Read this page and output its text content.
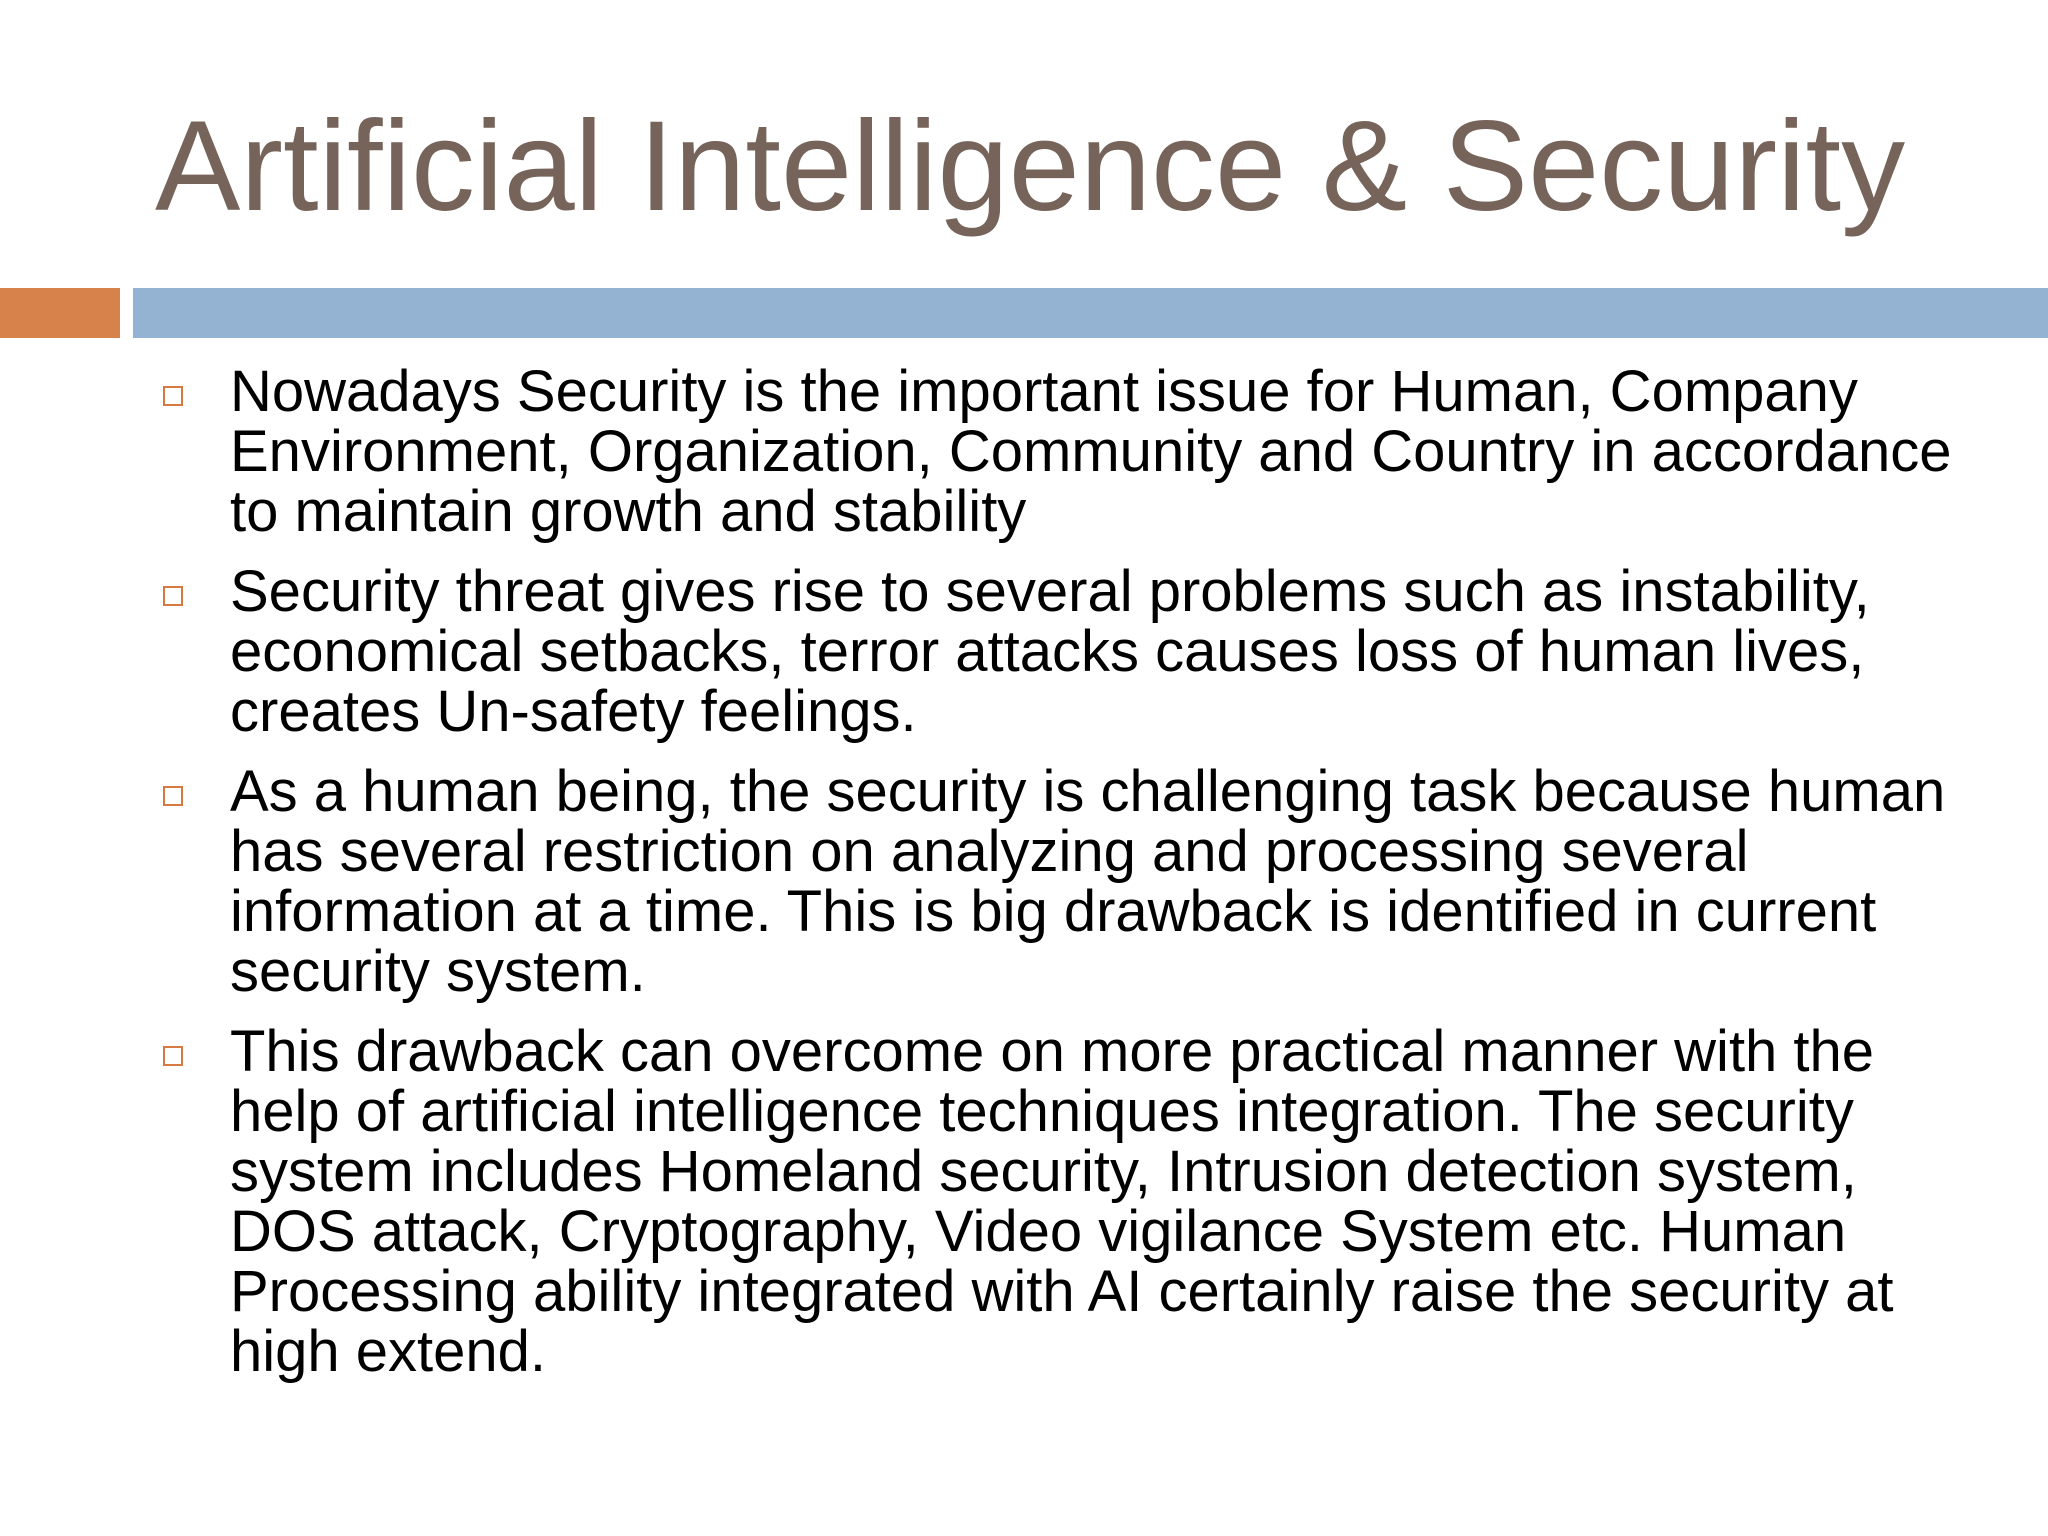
Artificial Intelligence & Security
Nowadays Security is the important issue for Human, Company Environment, Organization, Community and Country in accordance to maintain growth and stability
Security threat gives rise to several problems such as instability, economical setbacks, terror attacks causes loss of human lives, creates Un-safety feelings.
As a human being, the security is challenging task because human has several restriction on analyzing and processing several information at a time. This is big drawback is identified in current security system.
This drawback can overcome on more practical manner with the help of artificial intelligence techniques integration. The security system includes Homeland security, Intrusion detection system, DOS attack, Cryptography, Video vigilance System etc. Human Processing ability integrated with AI certainly raise the security at high extend.
